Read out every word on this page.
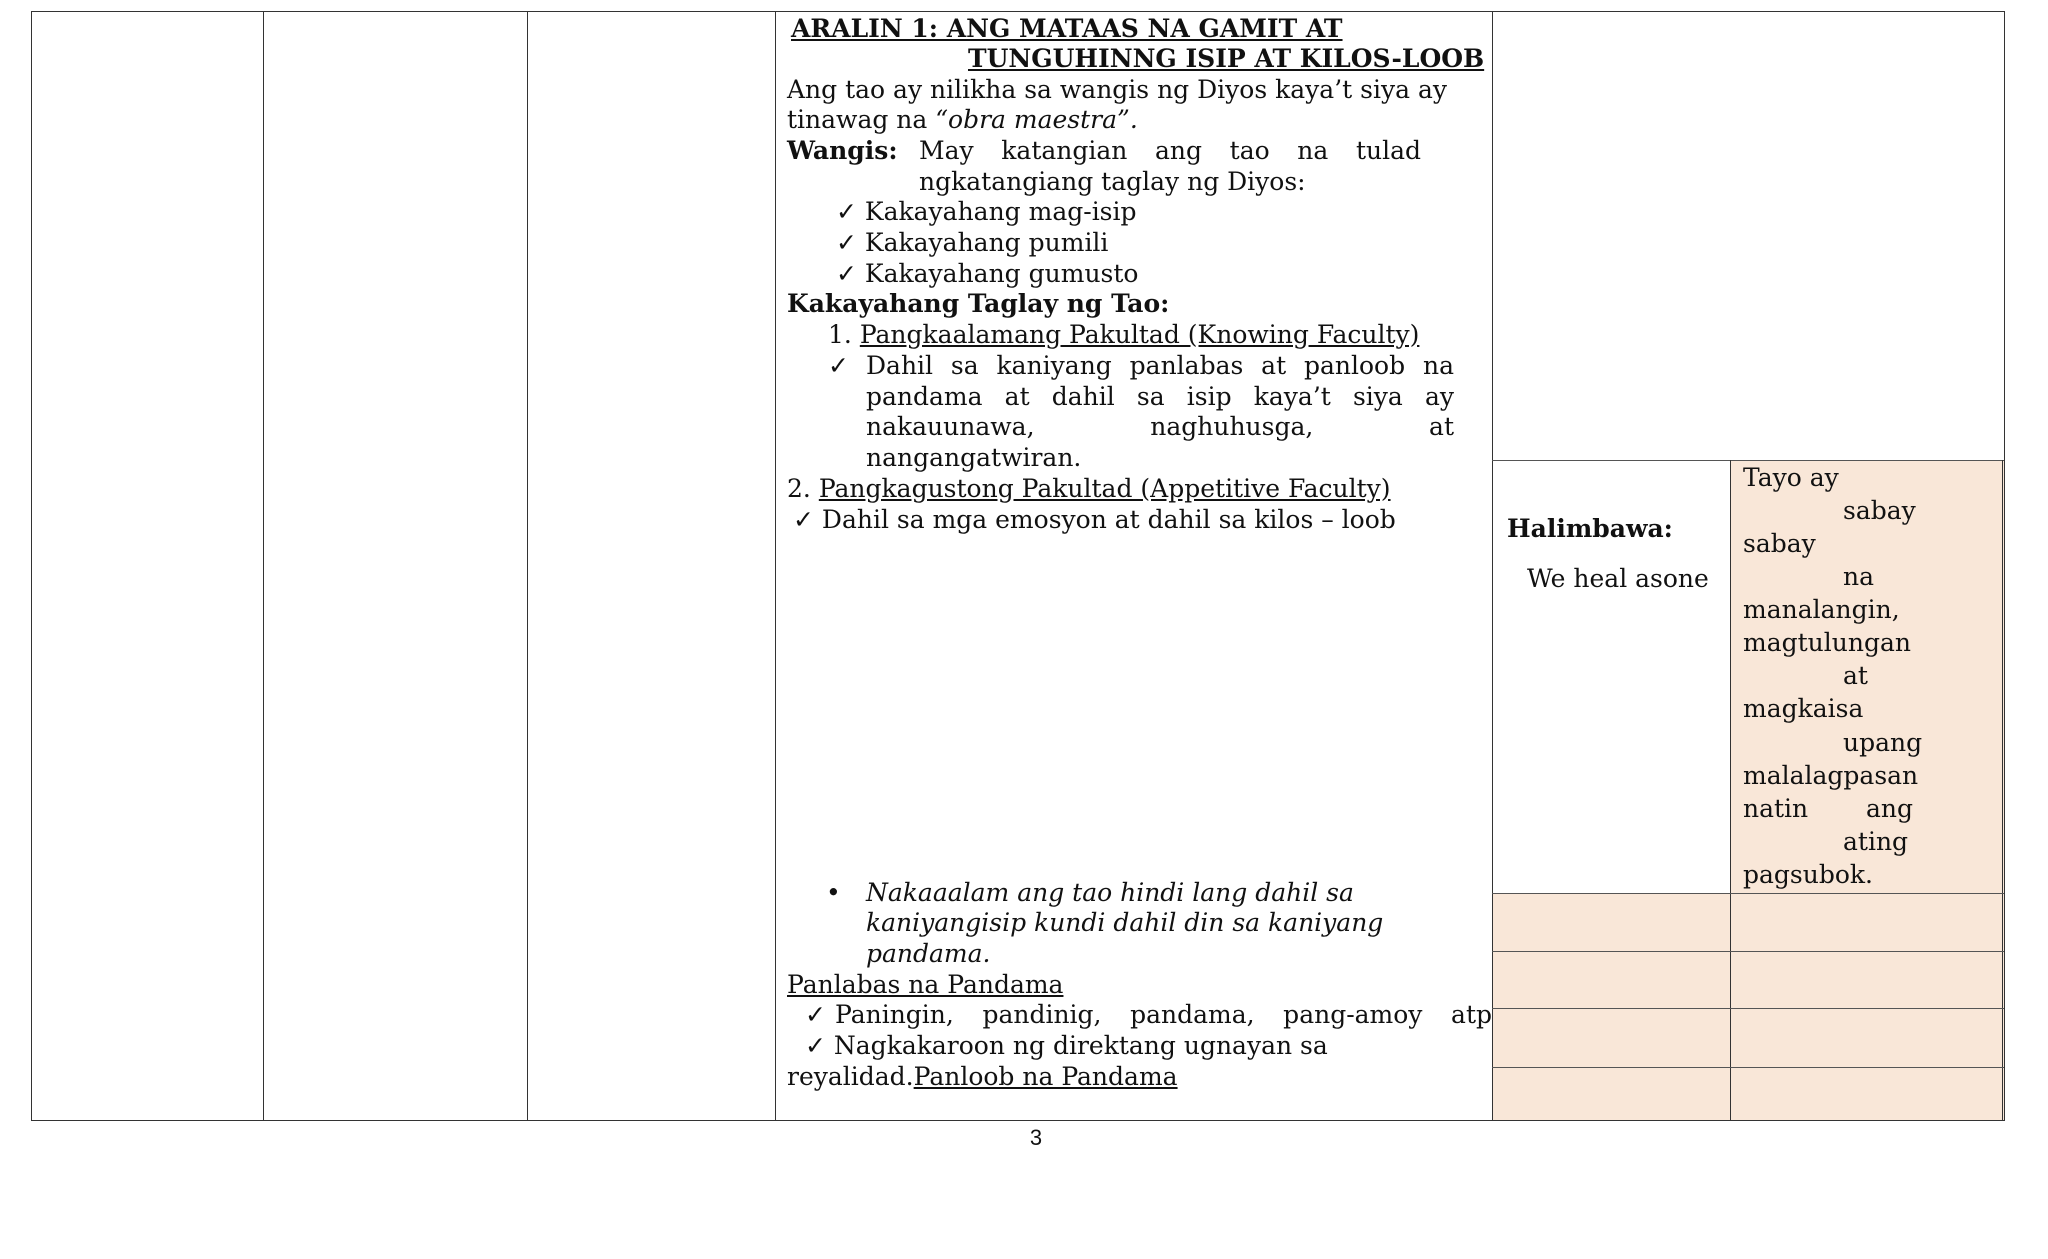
ARALIN 1: ANG MATAAS NA GAMIT AT
TUNGUHINNG ISIP AT KILOS-LOOB
Ang tao ay nilikha sa wangis ng Diyos kaya’t siya ay
tinawag na “obra maestra”.
Wangis: May katangian ang tao na tulad
ngkatangiang taglay ng Diyos:
✓ Kakayahang mag-isip
✓ Kakayahang pumili
✓ Kakayahang gumusto
Kakayahang Taglay ng Tao:
1. Pangkaalamang Pakultad (Knowing Faculty)
✓ Dahil sa kaniyang panlabas at panloob na
pandama at dahil sa isip kaya’t siya ay
nakauunawa, naghuhusga, at
nangangatwiran.
2. Pangkagustong Pakultad (Appetitive Faculty)
✓ Dahil sa mga emosyon at dahil sa kilos – loob
• Nakaaalam ang tao hindi lang dahil sa
kaniyangisip kundi dahil din sa kaniyang
pandama.
Panlabas na Pandama
✓ Paningin, pandinig, pandama, pang-amoy atp
✓ Nagkakaroon ng direktang ugnayan sa
reyalidad.Panloob na Pandama
Halimbawa:
We heal asone
Tayo ay
sabay
sabay
na
manalangin,
magtulungan
at
magkaisa
upang
malalagpasan
natin ang
ating
pagsubok.
3
